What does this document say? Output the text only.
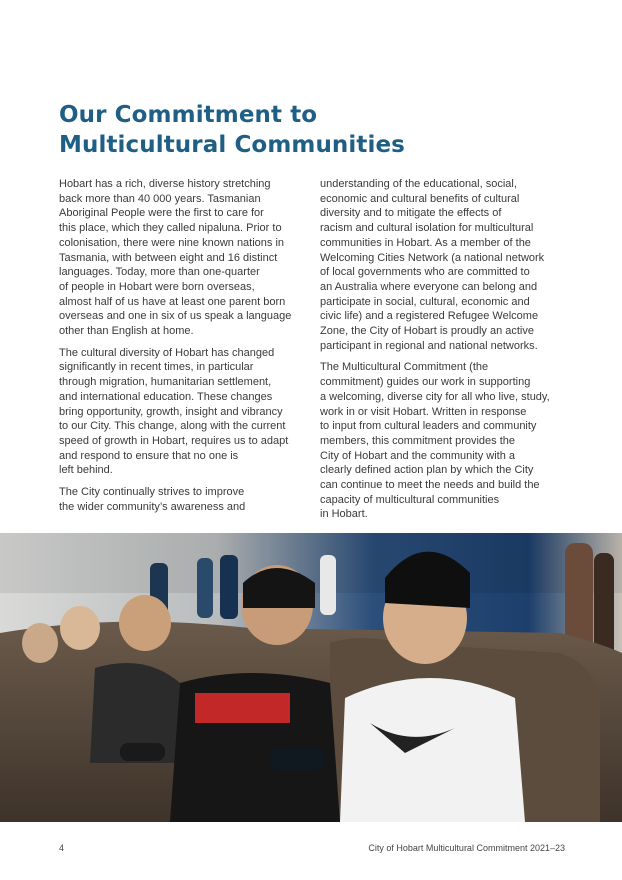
Our Commitment to
Multicultural Communities

Hobart has a rich, diverse history stretching
back more than 40 000 years. Tasmanian
Aboriginal People were the first to care for
this place, which they called nipaluna. Prior to
colonisation, there were nine known nations in
Tasmania, with between eight and 16 distinct
languages. Today, more than one-quarter
of people in Hobart were born overseas,
almost half of us have at least one parent born
overseas and one in six of us speak a language
other than English at home.

The cultural diversity of Hobart has changed
significantly in recent times, in particular
through migration, humanitarian settlement,
and international education. These changes
bring opportunity, growth, insight and vibrancy
to our City. This change, along with the current
speed of growth in Hobart, requires us to adapt
and respond to ensure that no one is
left behind.

The City continually strives to improve
the wider community’s awareness and

understanding of the educational, social,
economic and cultural benefits of cultural
diversity and to mitigate the effects of
racism and cultural isolation for multicultural
communities in Hobart. As a member of the
Welcoming Cities Network (a national network
of local governments who are committed to
an Australia where everyone can belong and
participate in social, cultural, economic and
civic life) and a registered Refugee Welcome
Zone, the City of Hobart is proudly an active
participant in regional and national networks.

The Multicultural Commitment (the
commitment) guides our work in supporting
a welcoming, diverse city for all who live, study,
work in or visit Hobart. Written in response
to input from cultural leaders and community
members, this commitment provides the
City of Hobart and the community with a
clearly defined action plan by which the City
can continue to meet the needs and build the
capacity of multicultural communities
in Hobart.

4	City of Hobart Multicultural Commitment 2021–23
